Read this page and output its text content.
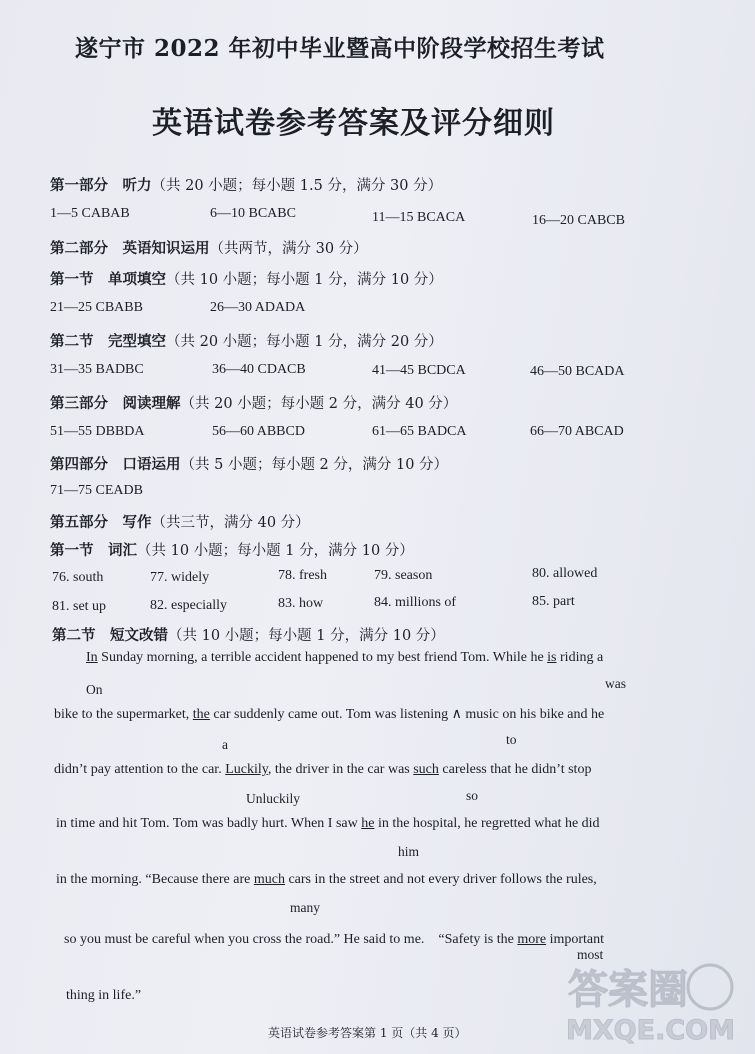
遂宁市 2022 年初中毕业暨高中阶段学校招生考试
英语试卷参考答案及评分细则
第一部分　听力（共 20 小题；每小题 1.5 分，满分 30 分）
1—5 CABAB	6—10 BCABC	11—15 BCACA	16—20 CABCB
第二部分　英语知识运用（共两节，满分 30 分）
第一节　单项填空（共 10 小题；每小题 1 分，满分 10 分）
21—25 CBABB	26—30 ADADA
第二节　完型填空（共 20 小题；每小题 1 分，满分 20 分）
31—35 BADBC	36—40 CDACB	41—45 BCDCA	46—50 BCADA
第三部分　阅读理解（共 20 小题；每小题 2 分，满分 40 分）
51—55 DBBDA	56—60 ABBCD	61—65 BADCA	66—70 ABCAD
第四部分　口语运用（共 5 小题；每小题 2 分，满分 10 分）
71—75 CEADB
第五部分　写作（共三节，满分 40 分）
第一节　词汇（共 10 小题；每小题 1 分，满分 10 分）
76. south	77. widely	78. fresh	79. season	80. allowed
81. set up	82. especially	83. how	84. millions of	85. part
第二节　短文改错（共 10 小题；每小题 1 分，满分 10 分）
In Sunday morning, a terrible accident happened to my best friend Tom. While he is riding a
On	was
bike to the supermarket, the car suddenly came out. Tom was listening ∧ music on his bike and he
a	to
didn’t pay attention to the car. Luckily, the driver in the car was such careless that he didn’t stop
Unluckily	so
in time and hit Tom. Tom was badly hurt. When I saw he in the hospital, he regretted what he did
him
in the morning. “Because there are much cars in the street and not every driver follows the rules,
many
so you must be careful when you cross the road.” He said to me.　“Safety is the more important
most
thing in life.”
英语试卷参考答案第 1 页（共 4 页）
答案圈
MXQE.COM
